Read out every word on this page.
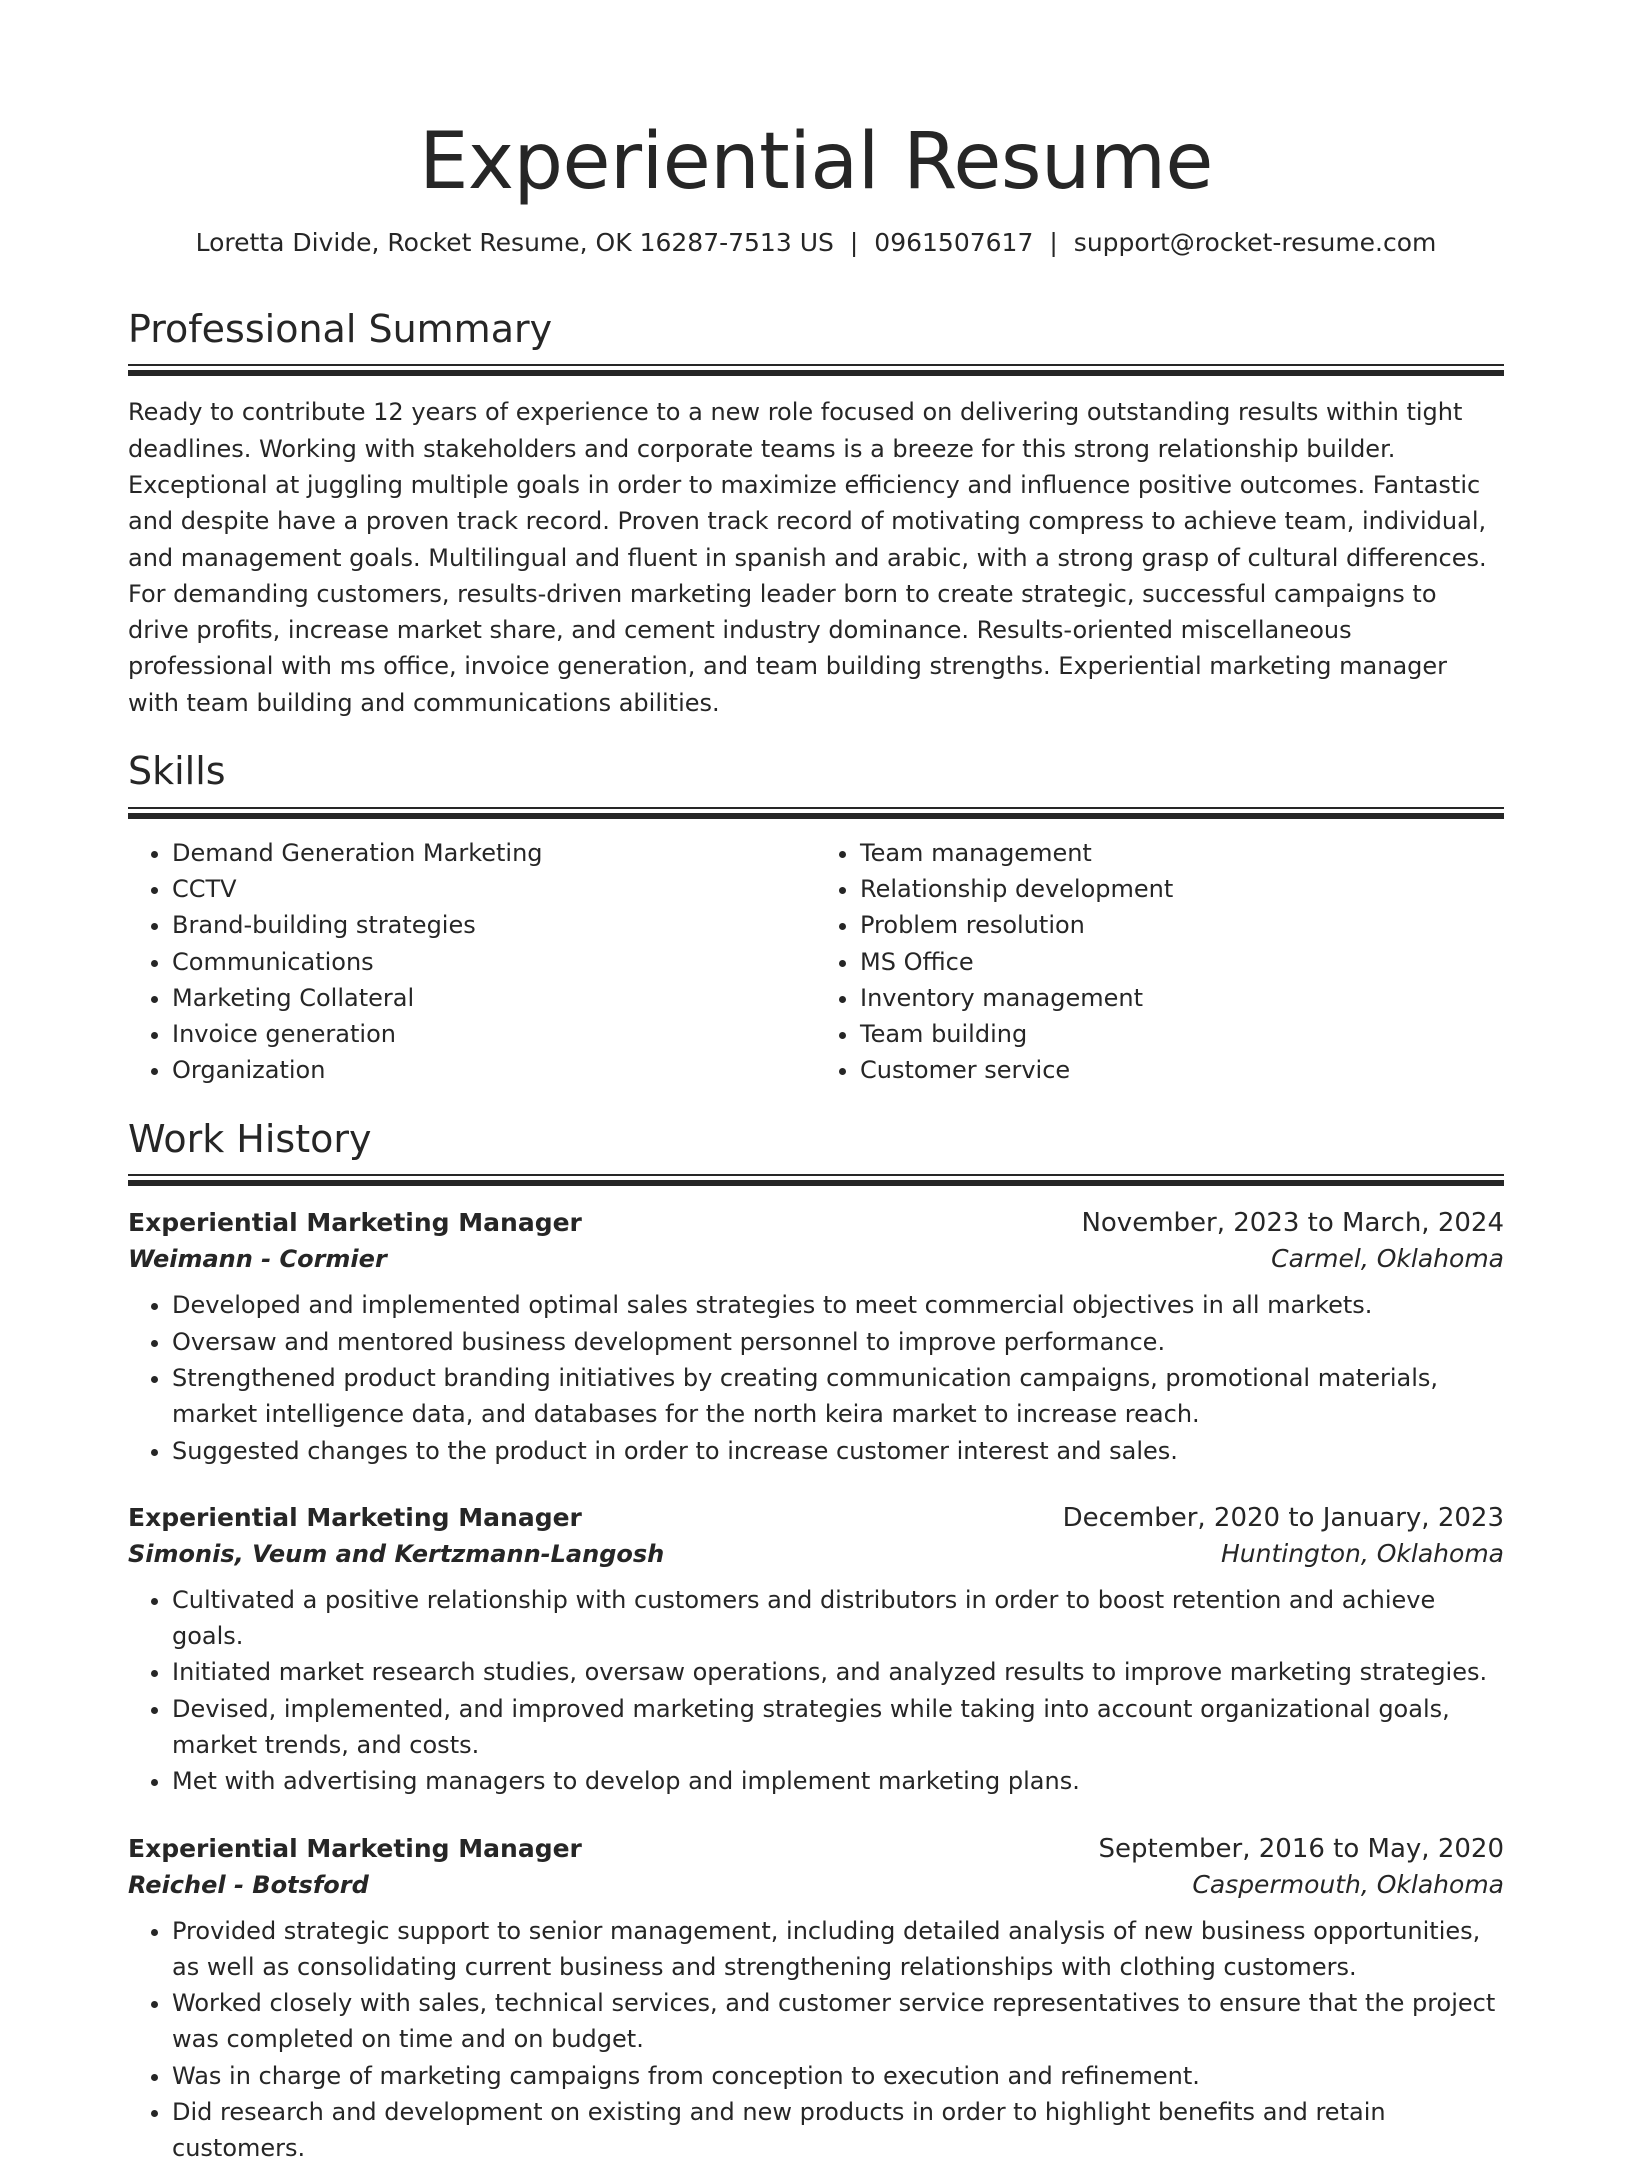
Experiential Resume
Loretta Divide, Rocket Resume, OK 16287-7513 US | 0961507617 | support@rocket-resume.com
Professional Summary

Ready to contribute 12 years of experience to a new role focused on delivering outstanding results within tight deadlines. Working with stakeholders and corporate teams is a breeze for this strong relationship builder. Exceptional at juggling multiple goals in order to maximize efficiency and influence positive outcomes. Fantastic and despite have a proven track record. Proven track record of motivating compress to achieve team, individual, and management goals. Multilingual and fluent in spanish and arabic, with a strong grasp of cultural differences. For demanding customers, results-driven marketing leader born to create strategic, successful campaigns to drive profits, increase market share, and cement industry dominance. Results-oriented miscellaneous professional with ms office, invoice generation, and team building strengths. Experiential marketing manager with team building and communications abilities.

Skills
• Demand Generation Marketing
• CCTV
• Brand-building strategies
• Communications
• Marketing Collateral
• Invoice generation
• Organization
• Team management
• Relationship development
• Problem resolution
• MS Office
• Inventory management
• Team building
• Customer service
Work History
Experiential Marketing Manager	November, 2023 to March, 2024
Weimann - Cormier	Carmel, Oklahoma
• Developed and implemented optimal sales strategies to meet commercial objectives in all markets.
• Oversaw and mentored business development personnel to improve performance.
• Strengthened product branding initiatives by creating communication campaigns, promotional materials, market intelligence data, and databases for the north keira market to increase reach.
• Suggested changes to the product in order to increase customer interest and sales.
Experiential Marketing Manager	December, 2020 to January, 2023
Simonis, Veum and Kertzmann-Langosh	Huntington, Oklahoma
• Cultivated a positive relationship with customers and distributors in order to boost retention and achieve goals.
• Initiated market research studies, oversaw operations, and analyzed results to improve marketing strategies.
• Devised, implemented, and improved marketing strategies while taking into account organizational goals, market trends, and costs.
• Met with advertising managers to develop and implement marketing plans.
Experiential Marketing Manager	September, 2016 to May, 2020
Reichel - Botsford	Caspermouth, Oklahoma
• Provided strategic support to senior management, including detailed analysis of new business opportunities, as well as consolidating current business and strengthening relationships with clothing customers.
• Worked closely with sales, technical services, and customer service representatives to ensure that the project was completed on time and on budget.
• Was in charge of marketing campaigns from conception to execution and refinement.
• Did research and development on existing and new products in order to highlight benefits and retain customers.
